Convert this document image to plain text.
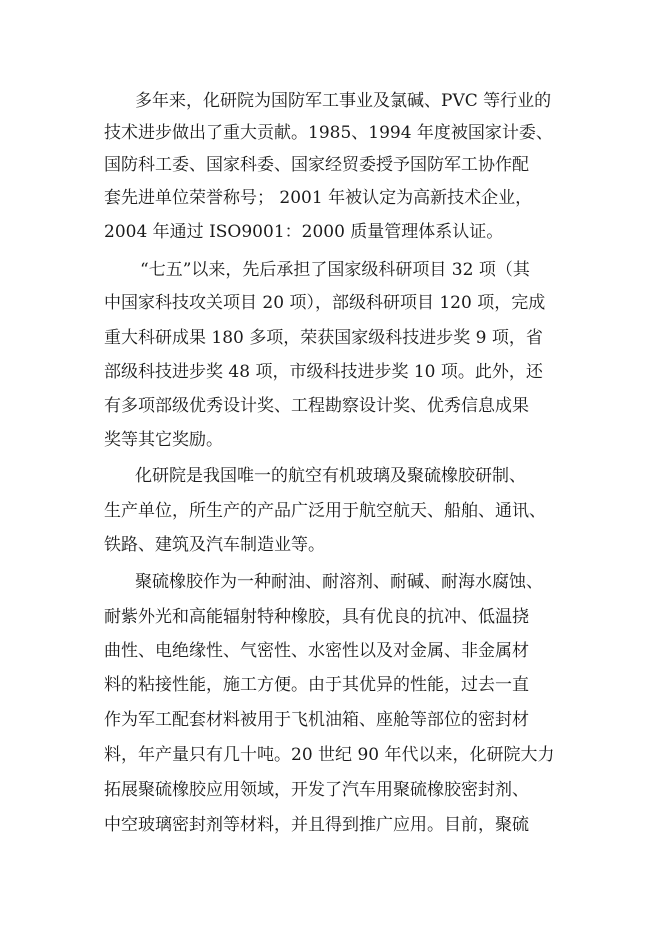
多年来，化研院为国防军工事业及氯碱、PVC 等行业的
技术进步做出了重大贡献。1985、1994 年度被国家计委、
国防科工委、国家科委、国家经贸委授予国防军工协作配
套先进单位荣誉称号； 2001 年被认定为高新技术企业，
2004 年通过 ISO9001：2000 质量管理体系认证。
“七五”以来，先后承担了国家级科研项目 32 项（其
中国家科技攻关项目 20 项），部级科研项目 120 项，完成
重大科研成果 180 多项，荣获国家级科技进步奖 9 项，省
部级科技进步奖 48 项，市级科技进步奖 10 项。此外，还
有多项部级优秀设计奖、工程勘察设计奖、优秀信息成果
奖等其它奖励。
化研院是我国唯一的航空有机玻璃及聚硫橡胶研制、
生产单位，所生产的产品广泛用于航空航天、船舶、通讯、
铁路、建筑及汽车制造业等。
聚硫橡胶作为一种耐油、耐溶剂、耐碱、耐海水腐蚀、
耐紫外光和高能辐射特种橡胶，具有优良的抗冲、低温挠
曲性、电绝缘性、气密性、水密性以及对金属、非金属材
料的粘接性能，施工方便。由于其优异的性能，过去一直
作为军工配套材料被用于飞机油箱、座舱等部位的密封材
料，年产量只有几十吨。20 世纪 90 年代以来，化研院大力
拓展聚硫橡胶应用领域，开发了汽车用聚硫橡胶密封剂、
中空玻璃密封剂等材料，并且得到推广应用。目前，聚硫
